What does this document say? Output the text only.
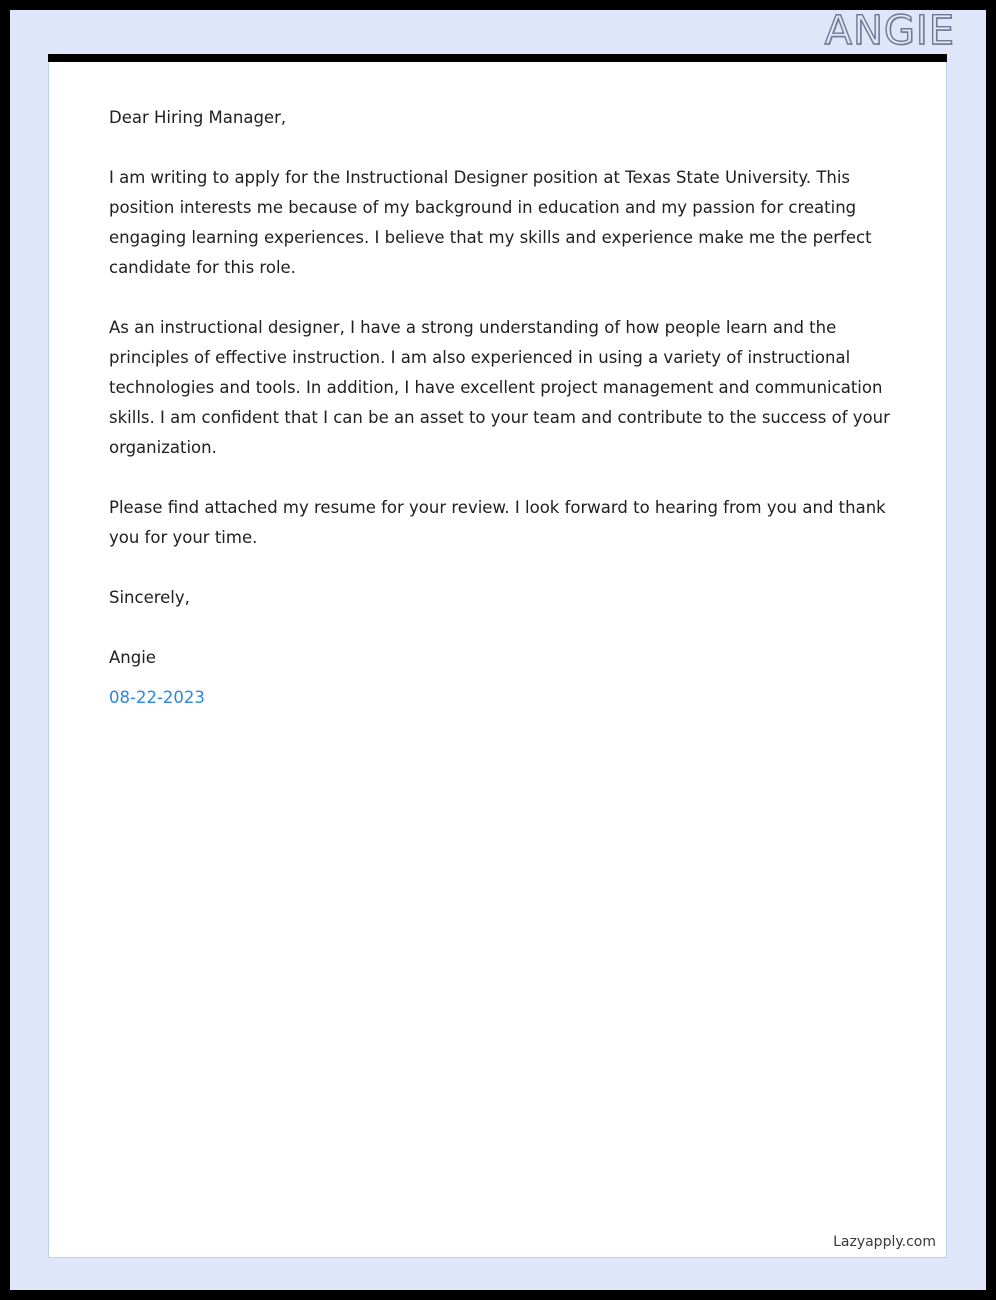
ANGIE

Dear Hiring Manager,

I am writing to apply for the Instructional Designer position at Texas State University. This position interests me because of my background in education and my passion for creating engaging learning experiences. I believe that my skills and experience make me the perfect candidate for this role.

As an instructional designer, I have a strong understanding of how people learn and the principles of effective instruction. I am also experienced in using a variety of instructional technologies and tools. In addition, I have excellent project management and communication skills. I am confident that I can be an asset to your team and contribute to the success of your organization.

Please find attached my resume for your review. I look forward to hearing from you and thank you for your time.

Sincerely,

Angie

08-22-2023

Lazyapply.com
